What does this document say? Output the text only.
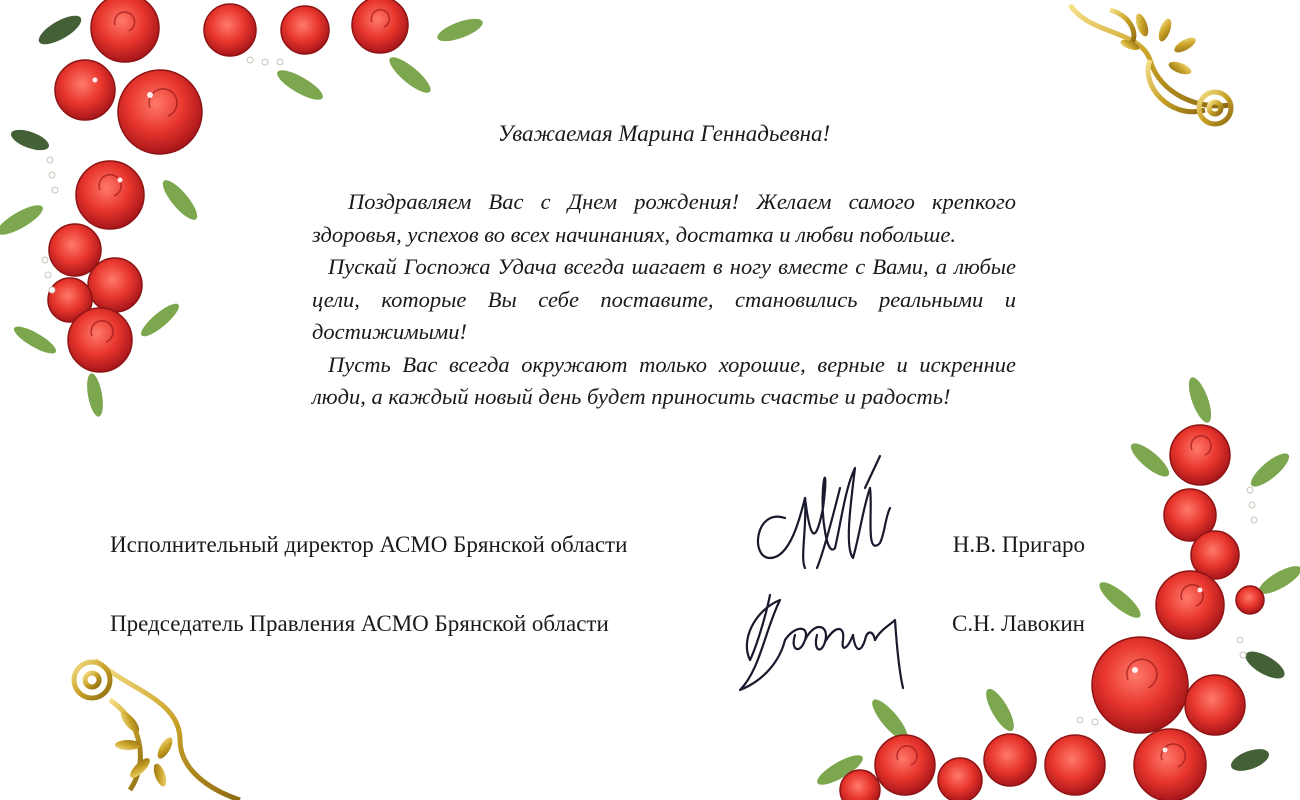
Уважаемая Марина Геннадьевна!

Поздравляем Вас с Днем рождения! Желаем самого крепкого здоровья, успехов во всех начинаниях, достатка и любви побольше.

Пускай Госпожа Удача всегда шагает в ногу вместе с Вами, а любые цели, которые Вы себе поставите, становились реальными и достижимыми!

Пусть Вас всегда окружают только хорошие, верные и искренние люди, а каждый новый день будет приносить счастье и радость!

Исполнительный директор АСМО Брянской области	Н.В. Пригаро
Председатель Правления АСМО Брянской области	С.Н. Лавокин
